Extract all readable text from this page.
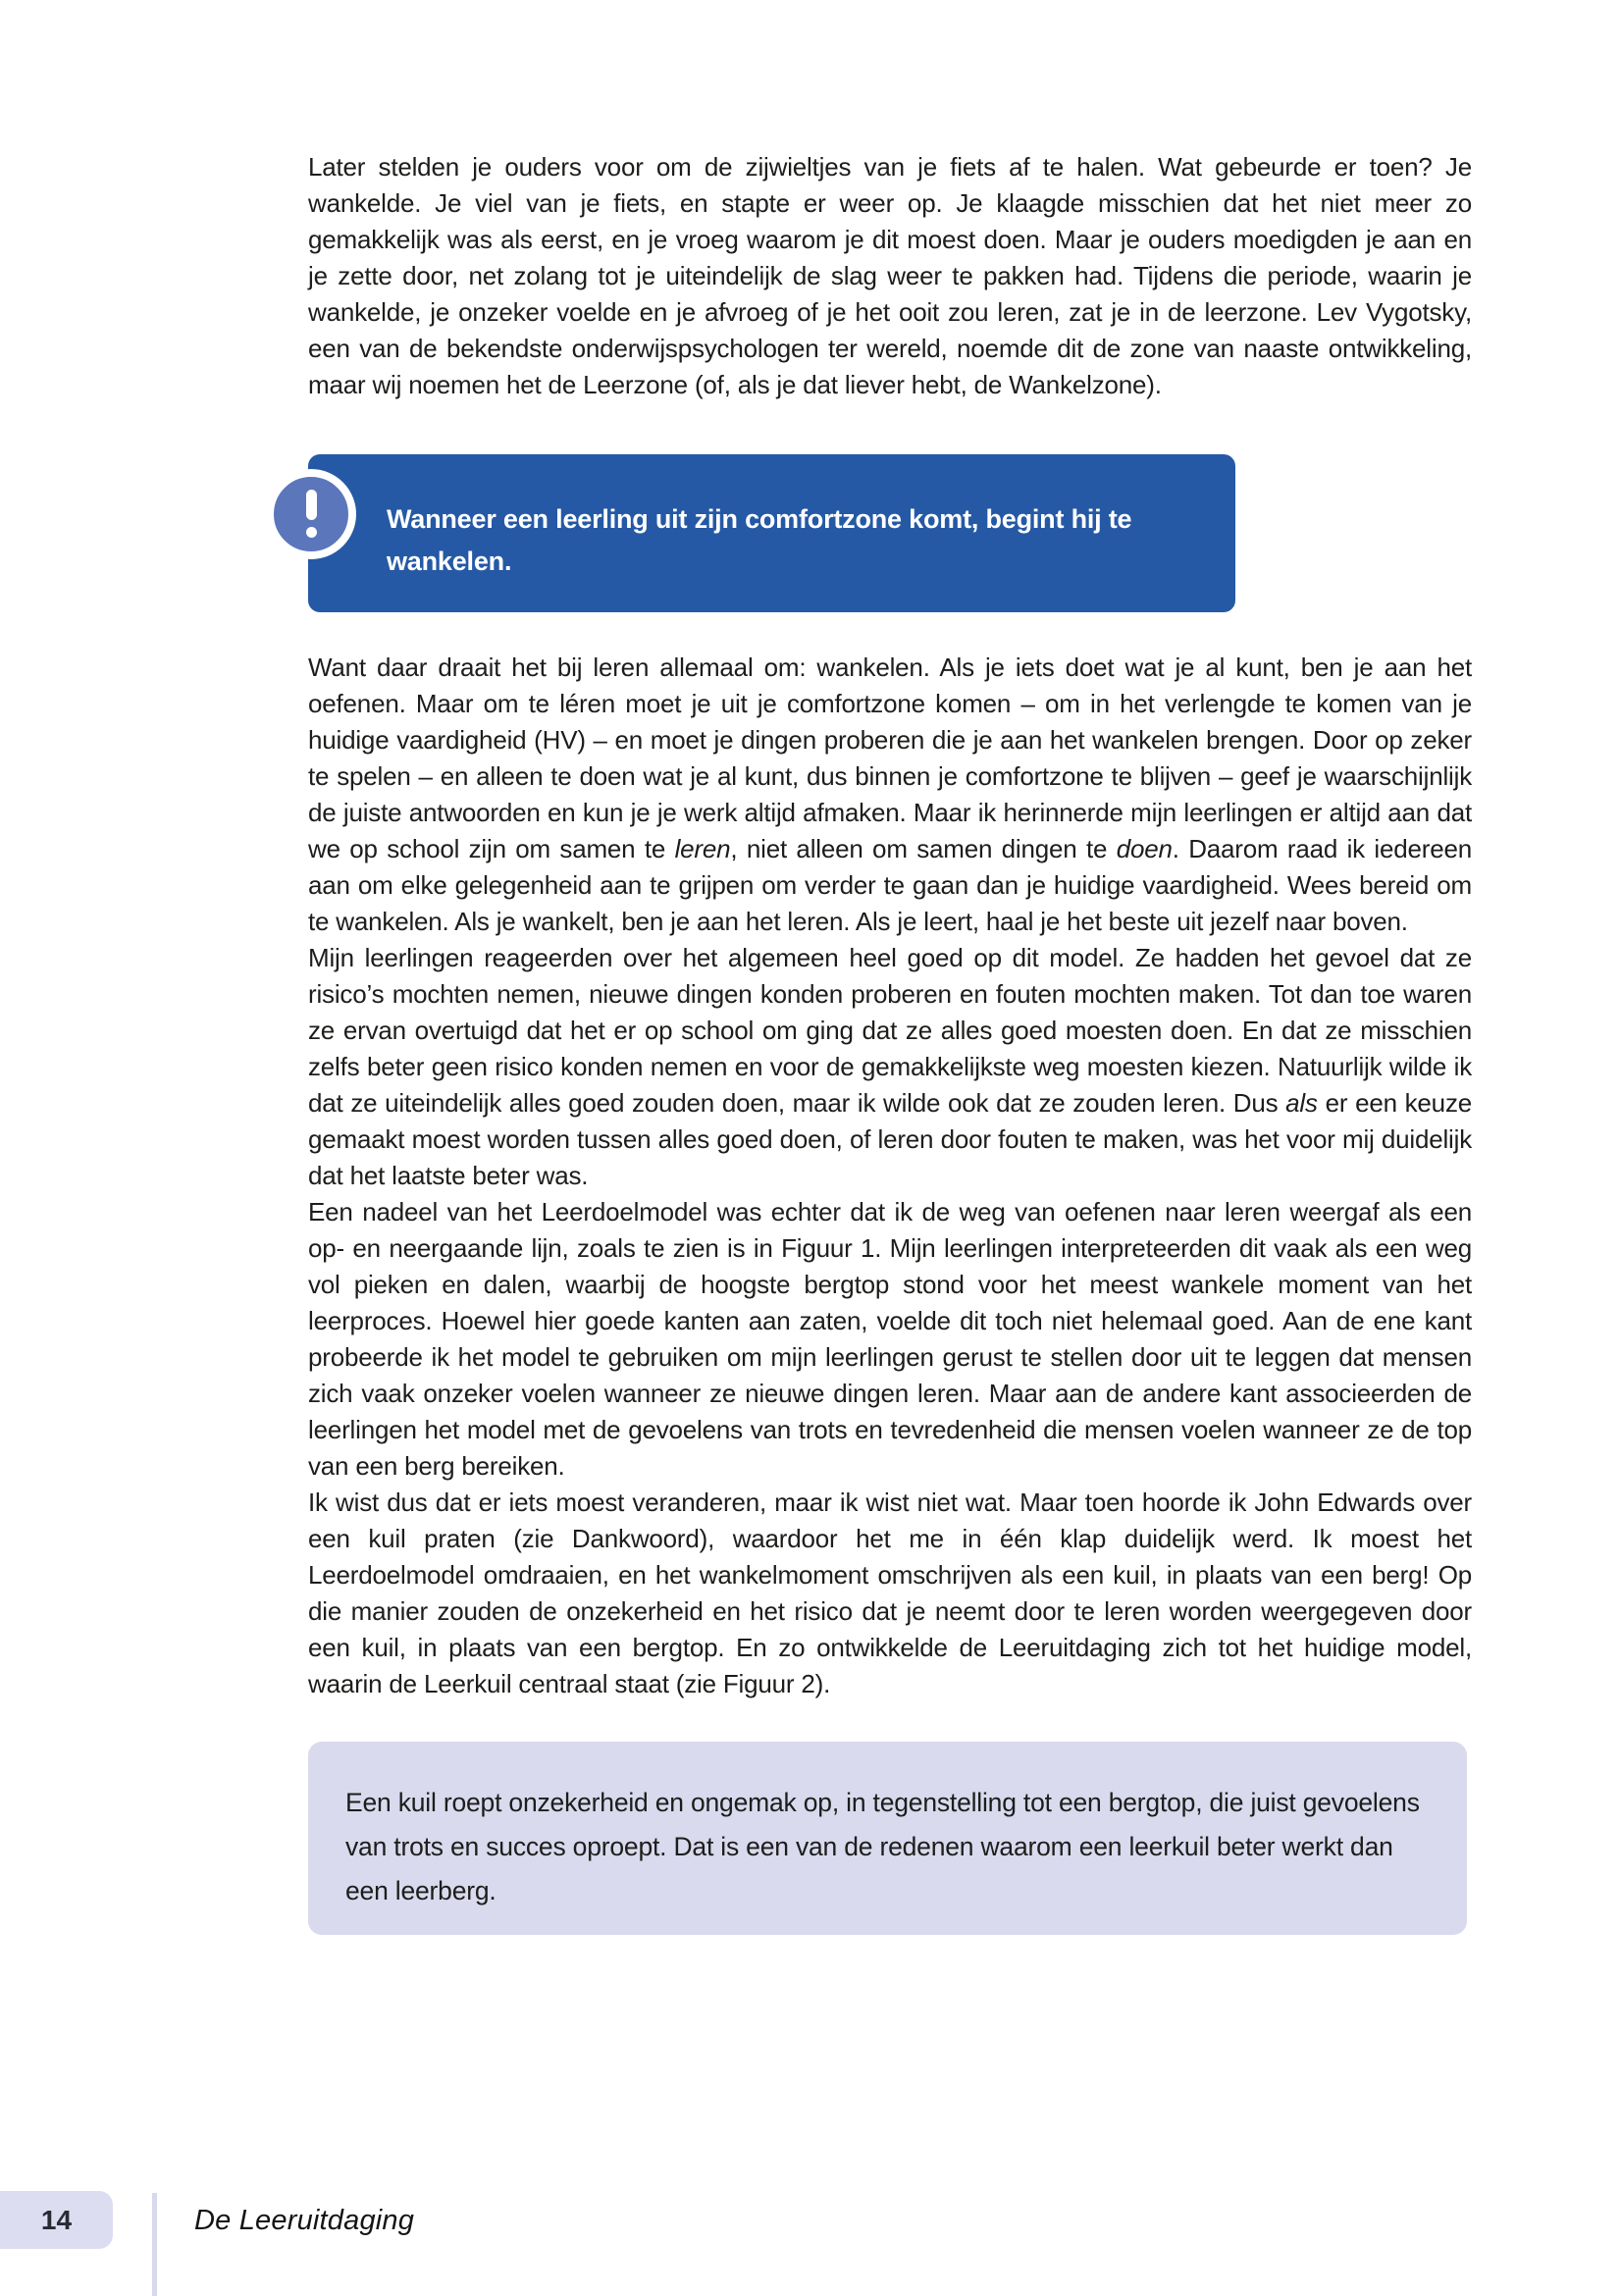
Later stelden je ouders voor om de zijwieltjes van je fiets af te halen. Wat gebeurde er toen? Je wankelde. Je viel van je fiets, en stapte er weer op. Je klaagde misschien dat het niet meer zo gemakkelijk was als eerst, en je vroeg waarom je dit moest doen. Maar je ouders moedigden je aan en je zette door, net zolang tot je uiteindelijk de slag weer te pakken had. Tijdens die periode, waarin je wankelde, je onzeker voelde en je afvroeg of je het ooit zou leren, zat je in de leerzone. Lev Vygotsky, een van de bekendste onderwijspsychologen ter wereld, noemde dit de zone van naaste ontwikkeling, maar wij noemen het de Leerzone (of, als je dat liever hebt, de Wankelzone).

Wanneer een leerling uit zijn comfortzone komt, begint hij te wankelen.

Want daar draait het bij leren allemaal om: wankelen. Als je iets doet wat je al kunt, ben je aan het oefenen. Maar om te léren moet je uit je comfortzone komen – om in het verlengde te komen van je huidige vaardigheid (HV) – en moet je dingen proberen die je aan het wankelen brengen. Door op zeker te spelen – en alleen te doen wat je al kunt, dus binnen je comfortzone te blijven – geef je waarschijnlijk de juiste antwoorden en kun je je werk altijd afmaken. Maar ik herinnerde mijn leerlingen er altijd aan dat we op school zijn om samen te leren, niet alleen om samen dingen te doen. Daarom raad ik iedereen aan om elke gelegenheid aan te grijpen om verder te gaan dan je huidige vaardigheid. Wees bereid om te wankelen. Als je wankelt, ben je aan het leren. Als je leert, haal je het beste uit jezelf naar boven.

Mijn leerlingen reageerden over het algemeen heel goed op dit model. Ze hadden het gevoel dat ze risico’s mochten nemen, nieuwe dingen konden proberen en fouten mochten maken. Tot dan toe waren ze ervan overtuigd dat het er op school om ging dat ze alles goed moesten doen. En dat ze misschien zelfs beter geen risico konden nemen en voor de gemakkelijkste weg moesten kiezen. Natuurlijk wilde ik dat ze uiteindelijk alles goed zouden doen, maar ik wilde ook dat ze zouden leren. Dus als er een keuze gemaakt moest worden tussen alles goed doen, of leren door fouten te maken, was het voor mij duidelijk dat het laatste beter was.

Een nadeel van het Leerdoelmodel was echter dat ik de weg van oefenen naar leren weergaf als een op- en neergaande lijn, zoals te zien is in Figuur 1. Mijn leerlingen interpreteerden dit vaak als een weg vol pieken en dalen, waarbij de hoogste bergtop stond voor het meest wankele moment van het leerproces. Hoewel hier goede kanten aan zaten, voelde dit toch niet helemaal goed. Aan de ene kant probeerde ik het model te gebruiken om mijn leerlingen gerust te stellen door uit te leggen dat mensen zich vaak onzeker voelen wanneer ze nieuwe dingen leren. Maar aan de andere kant associeerden de leerlingen het model met de gevoelens van trots en tevredenheid die mensen voelen wanneer ze de top van een berg bereiken.

Ik wist dus dat er iets moest veranderen, maar ik wist niet wat. Maar toen hoorde ik John Edwards over een kuil praten (zie Dankwoord), waardoor het me in één klap duidelijk werd. Ik moest het Leerdoelmodel omdraaien, en het wankelmoment omschrijven als een kuil, in plaats van een berg! Op die manier zouden de onzekerheid en het risico dat je neemt door te leren worden weergegeven door een kuil, in plaats van een bergtop. En zo ontwikkelde de Leeruitdaging zich tot het huidige model, waarin de Leerkuil centraal staat (zie Figuur 2).

Een kuil roept onzekerheid en ongemak op, in tegenstelling tot een bergtop, die juist gevoelens van trots en succes oproept. Dat is een van de redenen waarom een leerkuil beter werkt dan een leerberg.
14	De Leeruitdaging
